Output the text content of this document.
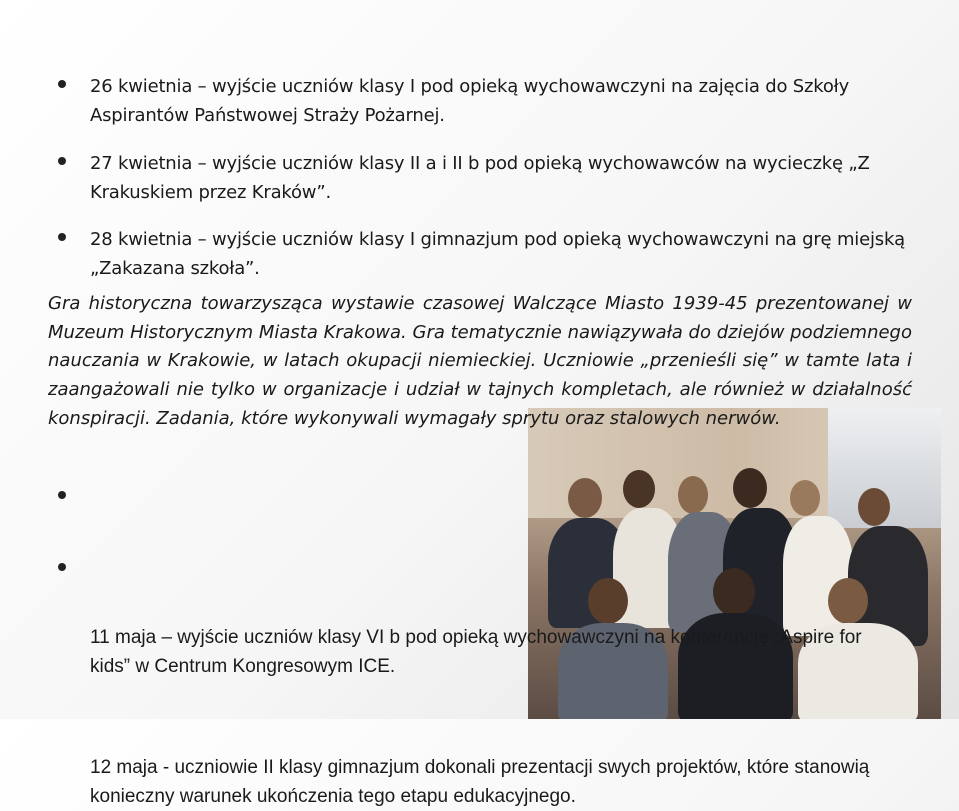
26 kwietnia – wyjście uczniów klasy I pod opieką wychowawczyni na zajęcia do Szkoły Aspirantów Państwowej Straży Pożarnej.
27 kwietnia – wyjście uczniów klasy II a i II b pod opieką wychowawców na wycieczkę „Z Krakuskiem przez Kraków”.
28 kwietnia – wyjście uczniów klasy I gimnazjum pod opieką wychowawczyni na grę miejską „Zakazana szkoła”.
Gra historyczna towarzysząca wystawie czasowej Walczące Miasto 1939-45 prezentowanej w Muzeum Historycznym Miasta Krakowa. Gra tematycznie nawiązywała do dziejów podziemnego nauczania w Krakowie, w latach okupacji niemieckiej. Uczniowie „przenieśli się” w tamte lata i zaangażowali nie tylko w organizacje i udział w tajnych kompletach, ale również w działalność konspiracji. Zadania, które wykonywali wymagały sprytu oraz stalowych nerwów.
11 maja – wyjście uczniów klasy VI b pod opieką wychowawczyni na konferencję „Aspire for kids” w Centrum Kongresowym ICE.
12 maja - uczniowie II klasy gimnazjum dokonali prezentacji swych projektów, które stanowią konieczny warunek ukończenia tego etapu edukacyjnego.
